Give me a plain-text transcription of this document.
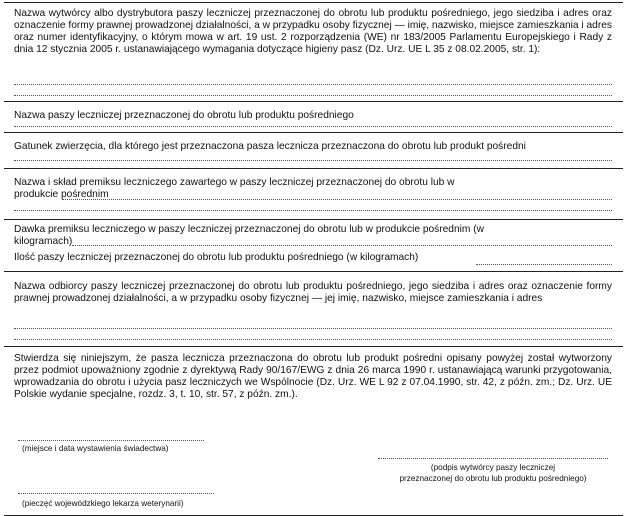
Nazwa wytwórcy albo dystrybutora paszy leczniczej przeznaczonej do obrotu lub produktu pośredniego, jego siedziba i adres oraz oznaczenie formy prawnej prowadzonej działalności, a w przypadku osoby fizycznej — imię, nazwisko, miejsce zamieszkania i adres oraz numer identyfikacyjny, o którym mowa w art. 19 ust. 2 rozporządzenia (WE) nr 183/2005 Parlamentu Europejskiego i Rady z dnia 12 stycznia 2005 r. ustanawiającego wymagania dotyczące higieny pasz (Dz. Urz. UE L 35 z 08.02.2005, str. 1):

Nazwa paszy leczniczej przeznaczonej do obrotu lub produktu pośredniego

Gatunek zwierzęcia, dla którego jest przeznaczona pasza lecznicza przeznaczona do obrotu lub produkt pośredni

Nazwa i skład premiksu leczniczego zawartego w paszy leczniczej przeznaczonej do obrotu lub w produkcie pośrednim

Dawka premiksu leczniczego w paszy leczniczej przeznaczonej do obrotu lub w produkcie pośrednim (w kilogramach)

Ilość paszy leczniczej przeznaczonej do obrotu lub produktu pośredniego (w kilogramach)

Nazwa odbiorcy paszy leczniczej przeznaczonej do obrotu lub produktu pośredniego, jego siedziba i adres oraz oznaczenie formy prawnej prowadzonej działalności, a w przypadku osoby fizycznej — jej imię, nazwisko, miejsce zamieszkania i adres

Stwierdza się niniejszym, że pasza lecznicza przeznaczona do obrotu lub produkt pośredni opisany powyżej został wytworzony przez podmiot upoważniony zgodnie z dyrektywą Rady 90/167/EWG z dnia 26 marca 1990 r. ustanawiającą warunki przygotowania, wprowadzania do obrotu i użycia pasz leczniczych we Wspólnocie (Dz. Urz. WE L 92 z 07.04.1990, str. 42, z późn. zm.; Dz. Urz. UE Polskie wydanie specjalne, rozdz. 3, t. 10, str. 57, z późn. zm.).

(miejsce i data wystawienia świadectwa)

(podpis wytwórcy paszy leczniczej

przeznaczonej do obrotu lub produktu pośredniego)

(pieczęć wojewódzkiego lekarza weterynarii)
